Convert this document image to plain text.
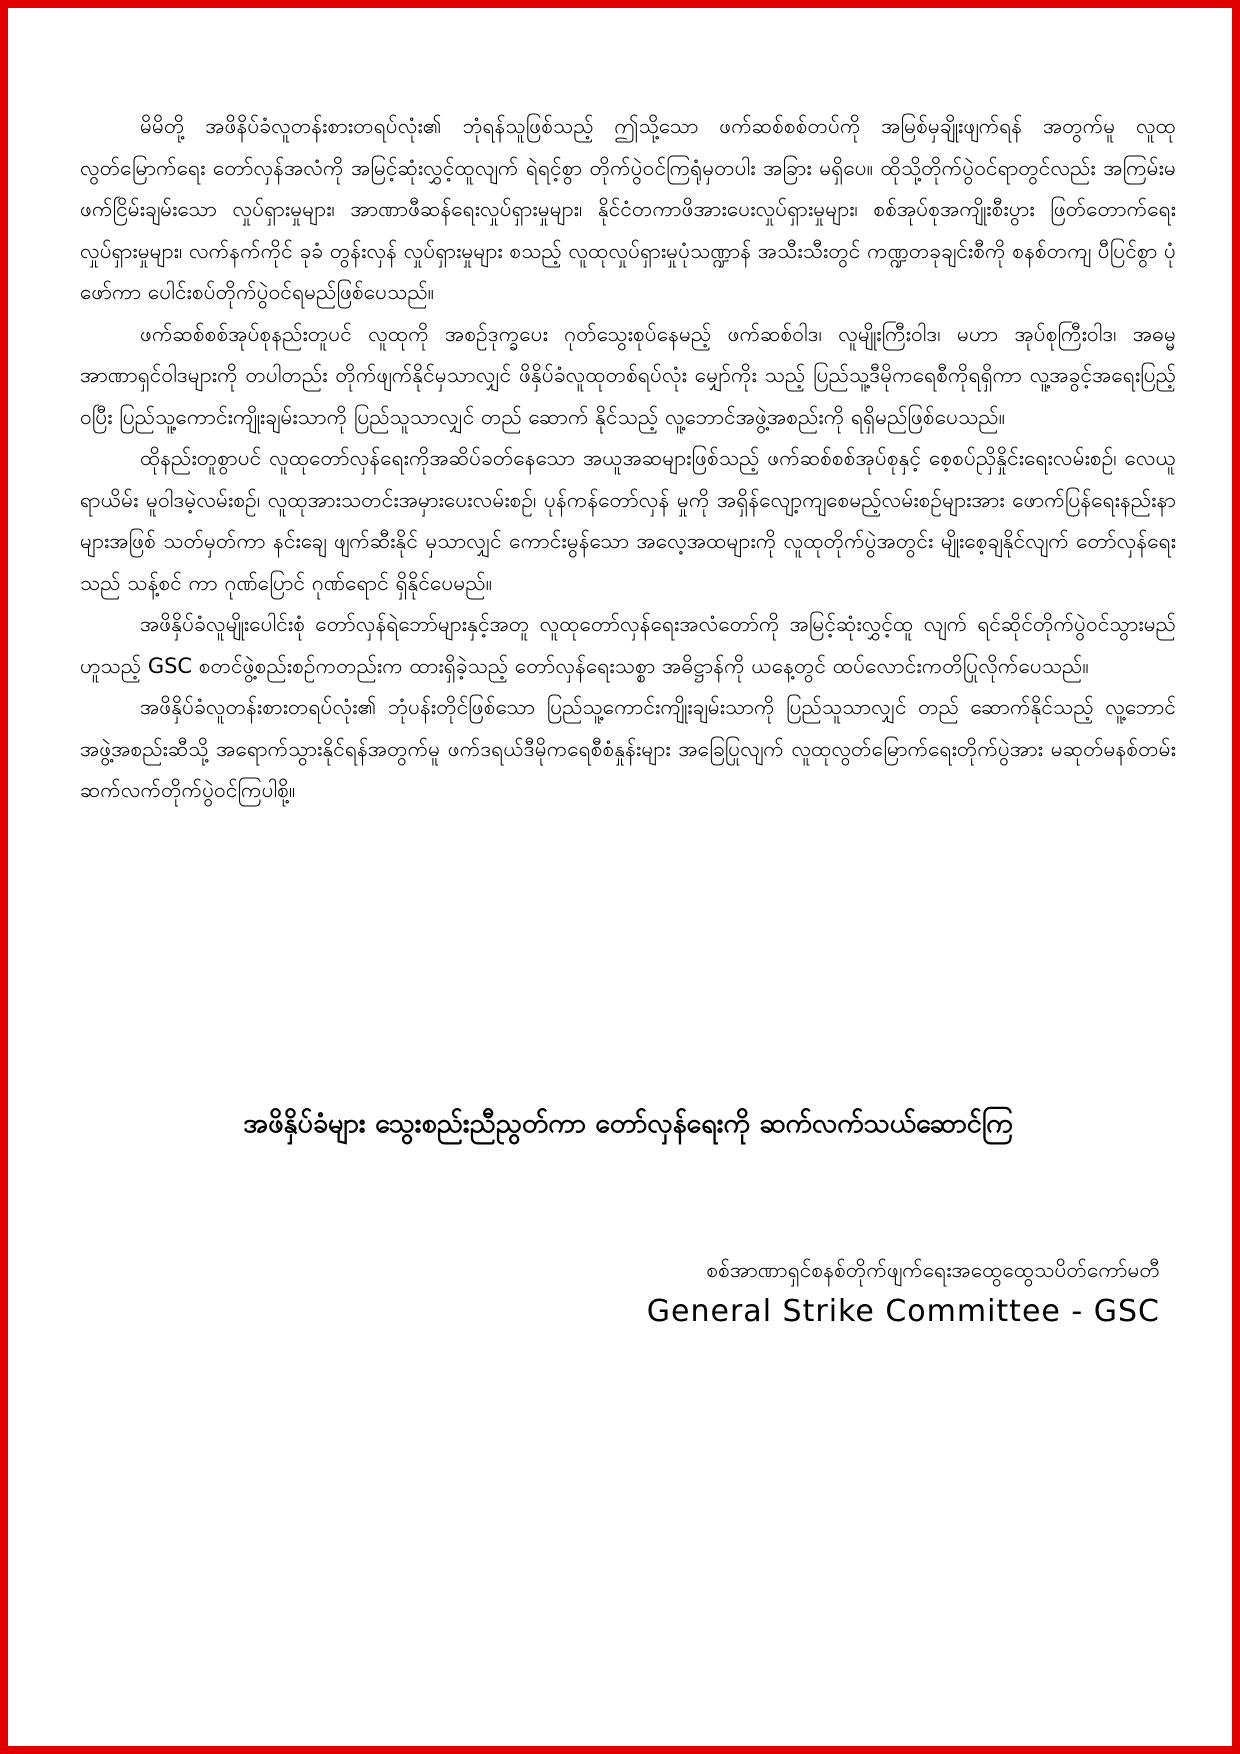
မိမိတို့ အဖိနိပ်ခံလူတန်းစားတရပ်လုံး၏ ဘုံရန်သူဖြစ်သည့် ဤသို့သော ဖက်ဆစ်စစ်တပ်ကို အမြစ်မှချိုးဖျက်ရန် အတွက်မူ လူထုလွတ်မြောက်ရေး တော်လှန်အလံကို အမြင့်ဆုံးလွှင့်ထူလျက် ရဲရင့်စွာ တိုက်ပွဲဝင်ကြရုံမှတပါး အခြား မရှိပေ။ ထိုသို့တိုက်ပွဲဝင်ရာတွင်လည်း အကြမ်းမဖက်ငြိမ်းချမ်းသော လှုပ်ရှားမှုများ၊ အာဏာဖီဆန်ရေးလှုပ်ရှားမှုများ၊ နိုင်ငံတကာဖိအားပေးလှုပ်ရှားမှုများ၊ စစ်အုပ်စုအကျိုးစီးပွား ဖြတ်တောက်ရေးလှုပ်ရှားမှုများ၊ လက်နက်ကိုင် ခုခံ တွန်းလှန် လှုပ်ရှားမှုများ စသည့် လူထုလှုပ်ရှားမှုပုံသဏ္ဍာန် အသီးသီးတွင် ကဏ္ဍတခုချင်းစီကို စနစ်တကျ ပီပြင်စွာ ပုံဖော်ကာ ပေါင်းစပ်တိုက်ပွဲဝင်ရမည်ဖြစ်ပေသည်။

ဖက်ဆစ်စစ်အုပ်စုနည်းတူပင် လူထုကို အစဉ်ဒုက္ခပေး ဂုတ်သွေးစုပ်နေမည့် ဖက်ဆစ်ဝါဒ၊ လူမျိုးကြီးဝါဒ၊ မဟာ အုပ်စုကြီးဝါဒ၊ အဓမ္မအာဏာရှင်ဝါဒများကို တပါတည်း တိုက်ဖျက်နိုင်မှသာလျှင် ဖိနှိပ်ခံလူထုတစ်ရပ်လုံး မျှော်ကိုး သည့် ပြည်သူ့ဒီမိုကရေစီကိုရရှိကာ လူ့အခွင့်အရေးပြည့်ဝပြီး ပြည်သူ့ကောင်းကျိုးချမ်းသာကို ပြည်သူသာလျှင် တည် ဆောက် နိုင်သည့် လူ့ဘောင်အဖွဲ့အစည်းကို ရရှိမည်ဖြစ်ပေသည်။

ထိုနည်းတူစွာပင် လူထုတော်လှန်ရေးကိုအဆိပ်ခတ်နေသော အယူအဆများဖြစ်သည့် ဖက်ဆစ်စစ်အုပ်စုနှင့် စေ့စပ်ညှိနှိုင်းရေးလမ်းစဉ်၊ လေယူရာယိမ်း မူဝါဒမဲ့လမ်းစဉ်၊ လူထုအားသတင်းအမှားပေးလမ်းစဉ်၊ ပုန်ကန်တော်လှန် မှုကို အရှိန်လျော့ကျစေမည့်လမ်းစဉ်များအား ဖောက်ပြန်ရေးနည်းနာများအဖြစ် သတ်မှတ်ကာ နင်းချေ ဖျက်ဆီးနိုင် မှသာလျှင် ကောင်းမွန်သော အလေ့အထများကို လူထုတိုက်ပွဲအတွင်း မျိုးစေ့ချနိုင်လျက် တော်လှန်ရေးသည် သန့်စင် ကာ ဂုဏ်ပြောင် ဂုဏ်ရောင် ရှိနိုင်ပေမည်။

အဖိနှိပ်ခံလူမျိုးပေါင်းစုံ တော်လှန်ရဲဘော်များနှင့်အတူ လူထုတော်လှန်ရေးအလံတော်ကို အမြင့်ဆုံးလွှင့်ထူ လျက် ရင်ဆိုင်တိုက်ပွဲဝင်သွားမည်ဟူသည့် GSC စတင်ဖွဲ့စည်းစဉ်ကတည်းက ထားရှိခဲ့သည့် တော်လှန်ရေးသစ္စာ အဓိဋ္ဌာန်ကို ယနေ့တွင် ထပ်လောင်းကတိပြုလိုက်ပေသည်။

အဖိနှိပ်ခံလူတန်းစားတရပ်လုံး၏ ဘုံပန်းတိုင်ဖြစ်သော ပြည်သူ့ကောင်းကျိုးချမ်းသာကို ပြည်သူသာလျှင် တည် ဆောက်နိုင်သည့် လူ့ဘောင်အဖွဲ့အစည်းဆီသို့ အရောက်သွားနိုင်ရန်အတွက်မူ ဖက်ဒရယ်ဒီမိုကရေစီစံနှုန်းများ အခြေပြုလျက် လူထုလွတ်မြောက်ရေးတိုက်ပွဲအား မဆုတ်မနစ်တမ်း ဆက်လက်တိုက်ပွဲဝင်ကြပါစို့။

အဖိနှိပ်ခံများ သွေးစည်းညီညွတ်ကာ တော်လှန်ရေးကို ဆက်လက်သယ်ဆောင်ကြ
စစ်အာဏာရှင်စနစ်တိုက်ဖျက်ရေးအထွေထွေသပိတ်ကော်မတီ
General Strike Committee - GSC
